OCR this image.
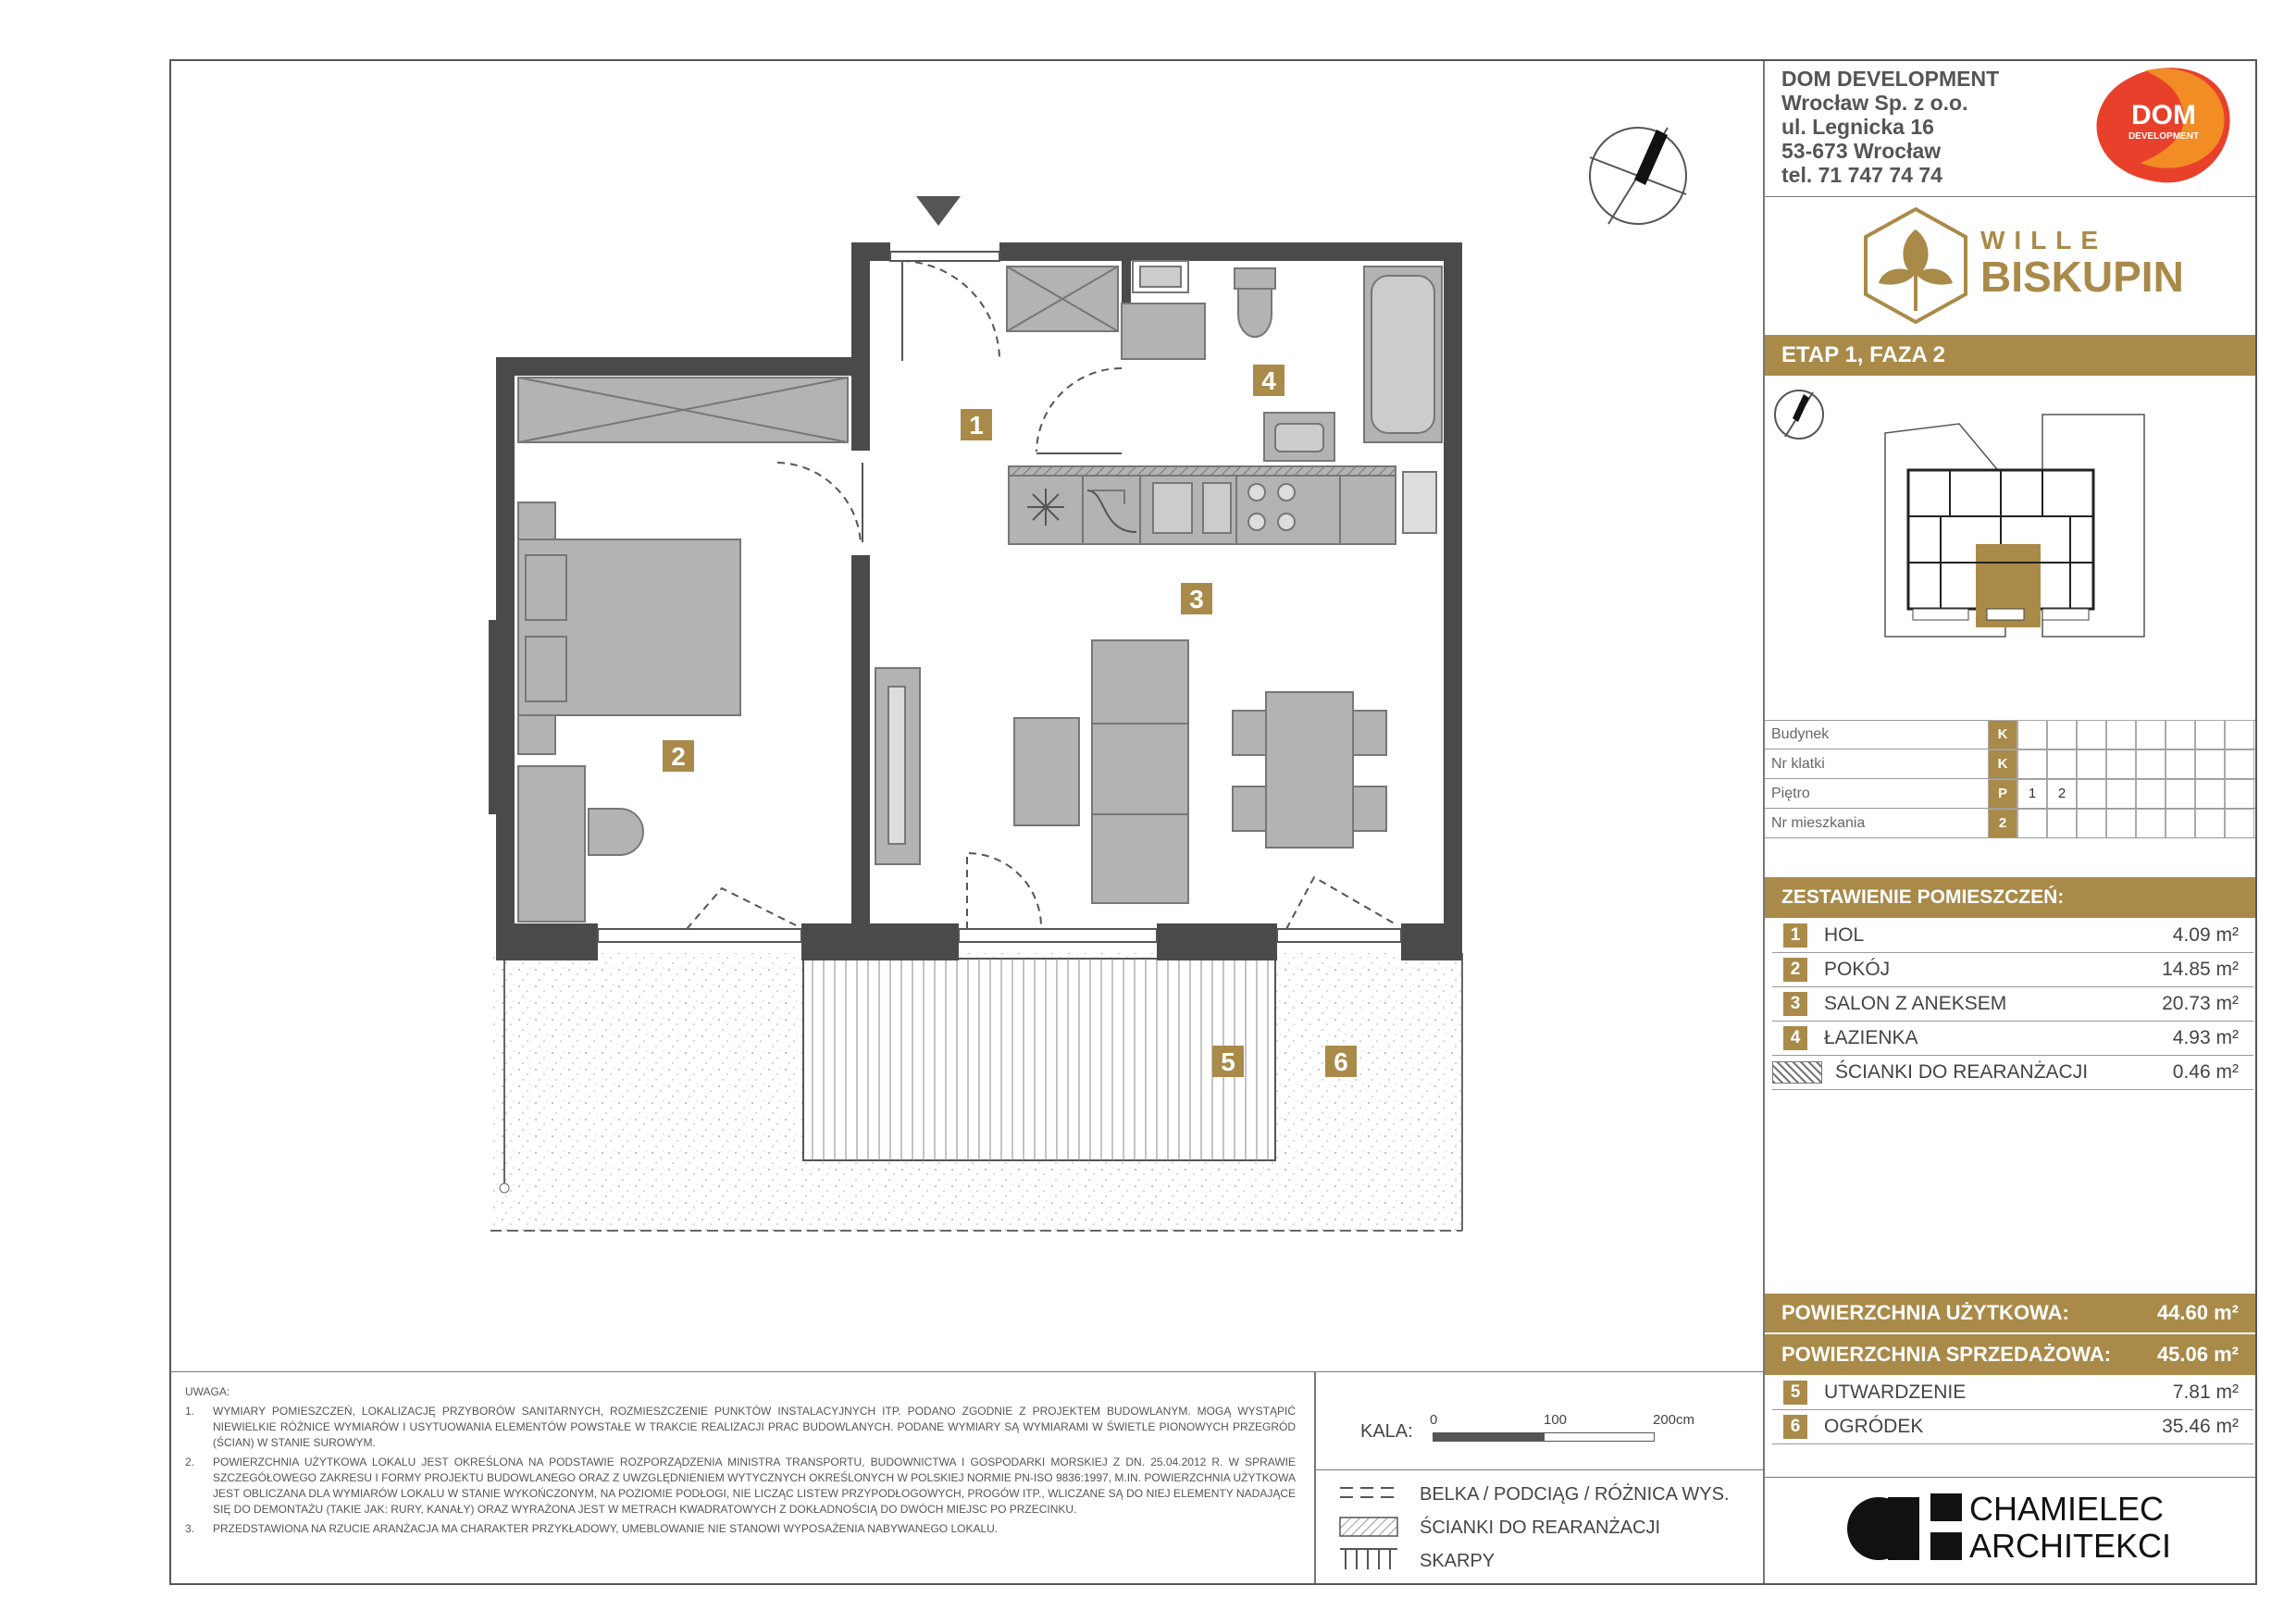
1
2
3
4
5	6
DOM DEVELOPMENT
Wrocław Sp. z o.o.
ul. Legnicka 16
53-673 Wrocław
tel. 71 747 74 74
DOM
DEVELOPMENT
WILLE
BISKUPIN
ETAP 1, FAZA 2
Budynek	K
Nr klatki	K
Piętro	P	1	2
Nr mieszkania	2
ZESTAWIENIE POMIESZCZEŃ:
1	HOL	4.09 m²
2	POKÓJ	14.85 m²
3	SALON Z ANEKSEM	20.73 m²
4	ŁAZIENKA	4.93 m²
ŚCIANKI DO REARANŻACJI	0.46 m²
POWIERZCHNIA UŻYTKOWA:	44.60 m²
POWIERZCHNIA SPRZEDAŻOWA: 45.06 m²
5	UTWARDZENIE	7.81 m²
6	OGRÓDEK	35.46 m²
CHAMIELEC
ARCHITEKCI
UWAGA:
1.	WYMIARY POMIESZCZEŃ, LOKALIZACJĘ PRZYBORÓW SANITARNYCH, ROZMIESZCZENIE PUNKTÓW INSTALACYJNYCH ITP. PODANO ZGODNIE Z PROJEKTEM BUDOWLANYM. MOGĄ WYSTĄPIĆ NIEWIELKIE RÓŻNICE WYMIARÓW I USYTUOWANIA ELEMENTÓW POWSTAŁE W TRAKCIE REALIZACJI PRAC BUDOWLANYCH. PODANE WYMIARY SĄ WYMIARAMI W ŚWIETLE PIONOWYCH PRZEGRÓD (ŚCIAN) W STANIE SUROWYM.
2.	POWIERZCHNIA UŻYTKOWA LOKALU JEST OKREŚLONA NA PODSTAWIE ROZPORZĄDZENIA MINISTRA TRANSPORTU, BUDOWNICTWA I GOSPODARKI MORSKIEJ Z DN. 25.04.2012 R. W SPRAWIE SZCZEGÓŁOWEGO ZAKRESU I FORMY PROJEKTU BUDOWLANEGO ORAZ Z UWZGLĘDNIENIEM WYTYCZNYCH OKREŚLONYCH W POLSKIEJ NORMIE PN-ISO 9836:1997, M.IN. POWIERZCHNIA UŻYTKOWA JEST OBLICZANA DLA WYMIARÓW LOKALU W STANIE WYKOŃCZONYM, NA POZIOMIE PODŁOGI, NIE LICZĄC LISTEW PRZYPODŁOGOWYCH, PROGÓW ITP., WLICZANE SĄ DO NIEJ ELEMENTY NADAJĄCE SIĘ DO DEMONTAŻU (TAKIE JAK: RURY, KANAŁY) ORAZ WYRAŻONA JEST W METRACH KWADRATOWYCH Z DOKŁADNOŚCIĄ DO DWÓCH MIEJSC PO PRZECINKU.
3.	PRZEDSTAWIONA NA RZUCIE ARANŻACJA MA CHARAKTER PRZYKŁADOWY, UMEBLOWANIE NIE STANOWI WYPOSAŻENIA NABYWANEGO LOKALU.
KALA:
0	100	200cm
BELKA / PODCIĄG / RÓŻNICA WYS.
ŚCIANKI DO REARANŻACJI
SKARPY
